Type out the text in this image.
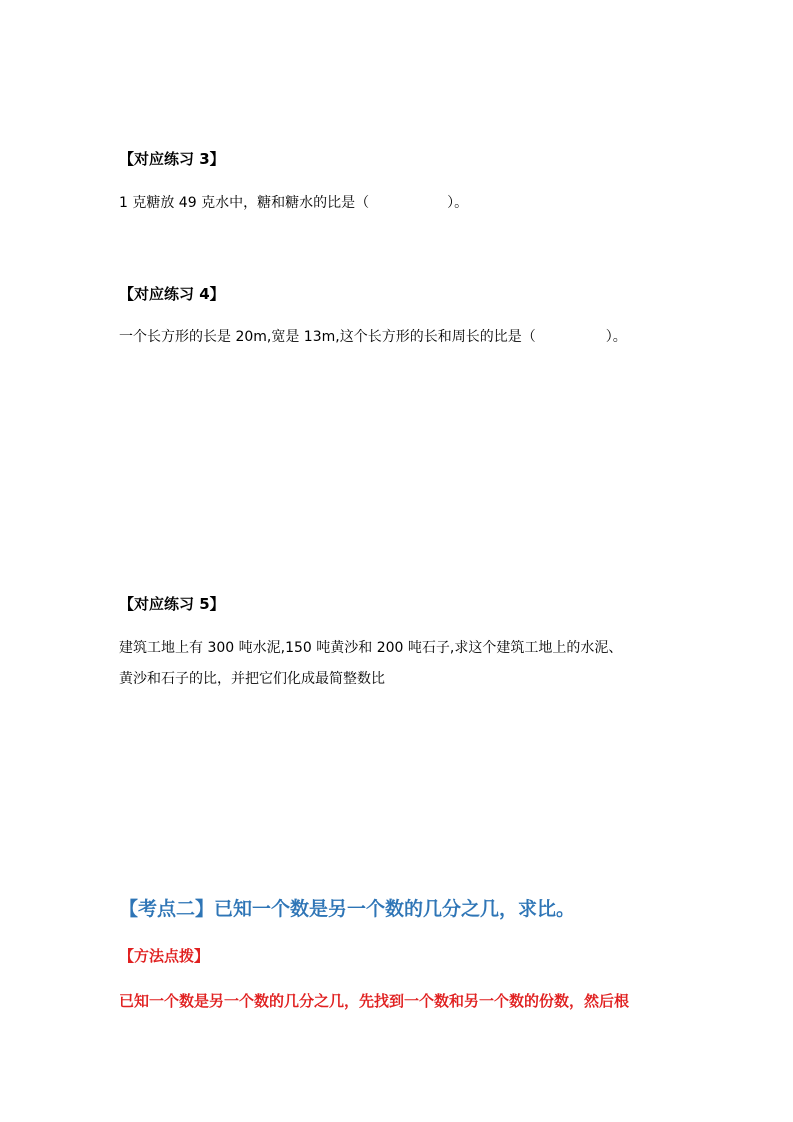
【对应练习 3】
1 克糖放 49 克水中，糖和糖水的比是（	）。
【对应练习 4】
一个长方形的长是 20m,宽是 13m,这个长方形的长和周长的比是（	）。
【对应练习 5】
建筑工地上有 300 吨水泥,150 吨黄沙和 200 吨石子,求这个建筑工地上的水泥、
黄沙和石子的比，并把它们化成最简整数比
【考点二】已知一个数是另一个数的几分之几，求比。
【方法点拨】
已知一个数是另一个数的几分之几，先找到一个数和另一个数的份数，然后根
